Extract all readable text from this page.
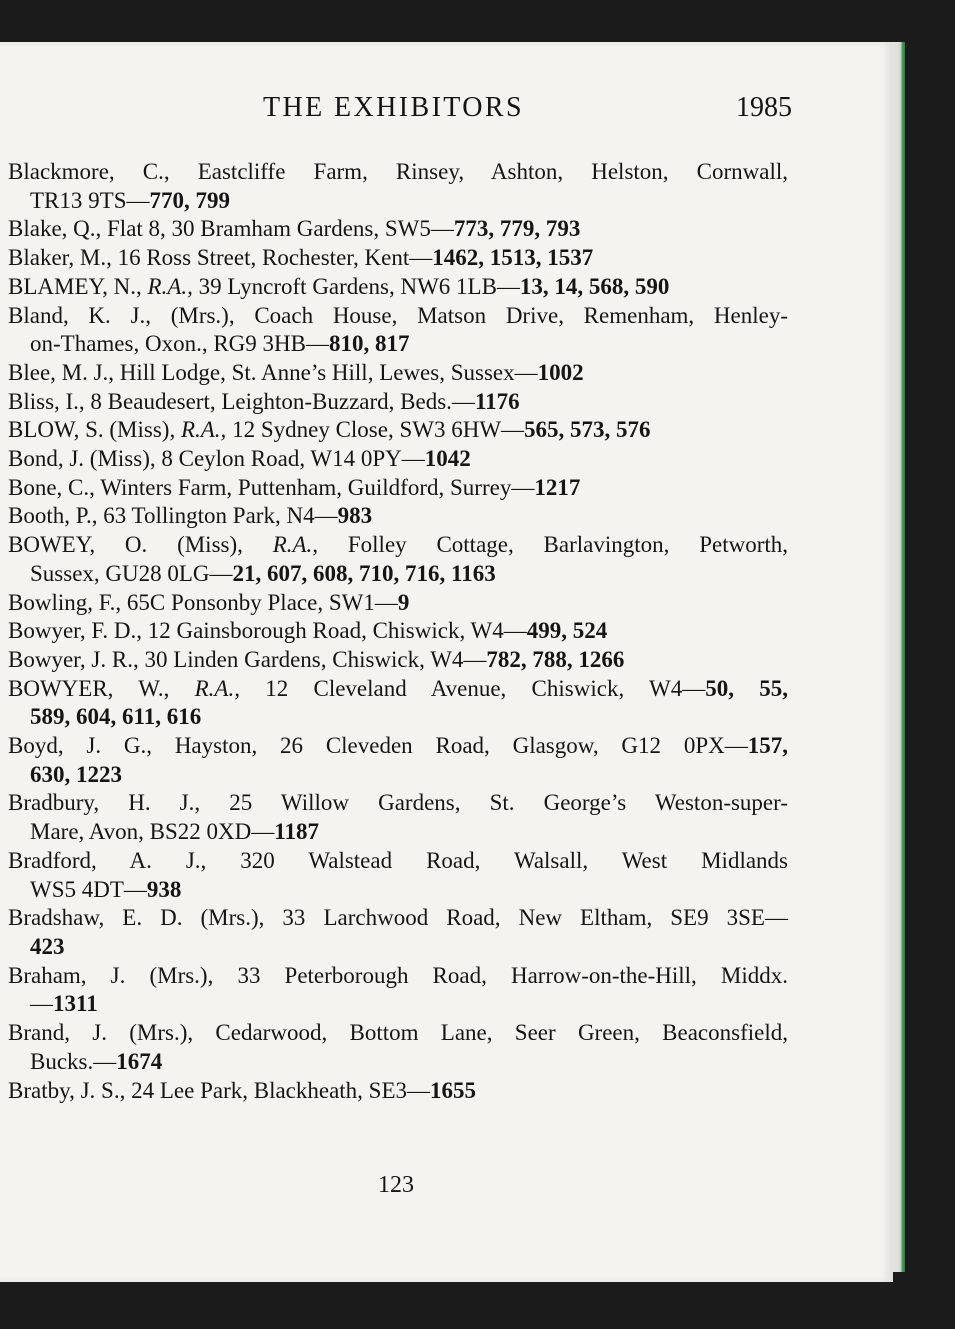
THE EXHIBITORS	1985
Blackmore, C., Eastcliffe Farm, Rinsey, Ashton, Helston, Cornwall,
TR13 9TS—770, 799
Blake, Q., Flat 8, 30 Bramham Gardens, SW5—773, 779, 793
Blaker, M., 16 Ross Street, Rochester, Kent—1462, 1513, 1537
BLAMEY, N., R.A., 39 Lyncroft Gardens, NW6 1LB—13, 14, 568, 590
Bland, K. J., (Mrs.), Coach House, Matson Drive, Remenham, Henley-
on-Thames, Oxon., RG9 3HB—810, 817
Blee, M. J., Hill Lodge, St. Anne’s Hill, Lewes, Sussex—1002
Bliss, I., 8 Beaudesert, Leighton-Buzzard, Beds.—1176
BLOW, S. (Miss), R.A., 12 Sydney Close, SW3 6HW—565, 573, 576
Bond, J. (Miss), 8 Ceylon Road, W14 0PY—1042
Bone, C., Winters Farm, Puttenham, Guildford, Surrey—1217
Booth, P., 63 Tollington Park, N4—983
BOWEY, O. (Miss), R.A., Folley Cottage, Barlavington, Petworth,
Sussex, GU28 0LG—21, 607, 608, 710, 716, 1163
Bowling, F., 65C Ponsonby Place, SW1—9
Bowyer, F. D., 12 Gainsborough Road, Chiswick, W4—499, 524
Bowyer, J. R., 30 Linden Gardens, Chiswick, W4—782, 788, 1266
BOWYER, W., R.A., 12 Cleveland Avenue, Chiswick, W4—50, 55,
589, 604, 611, 616
Boyd, J. G., Hayston, 26 Cleveden Road, Glasgow, G12 0PX—157,
630, 1223
Bradbury, H. J., 25 Willow Gardens, St. George’s Weston-super-
Mare, Avon, BS22 0XD—1187
Bradford, A. J., 320 Walstead Road, Walsall, West Midlands
WS5 4DT—938
Bradshaw, E. D. (Mrs.), 33 Larchwood Road, New Eltham, SE9 3SE—
423
Braham, J. (Mrs.), 33 Peterborough Road, Harrow-on-the-Hill, Middx.
—1311
Brand, J. (Mrs.), Cedarwood, Bottom Lane, Seer Green, Beaconsfield,
Bucks.—1674
Bratby, J. S., 24 Lee Park, Blackheath, SE3—1655
123
